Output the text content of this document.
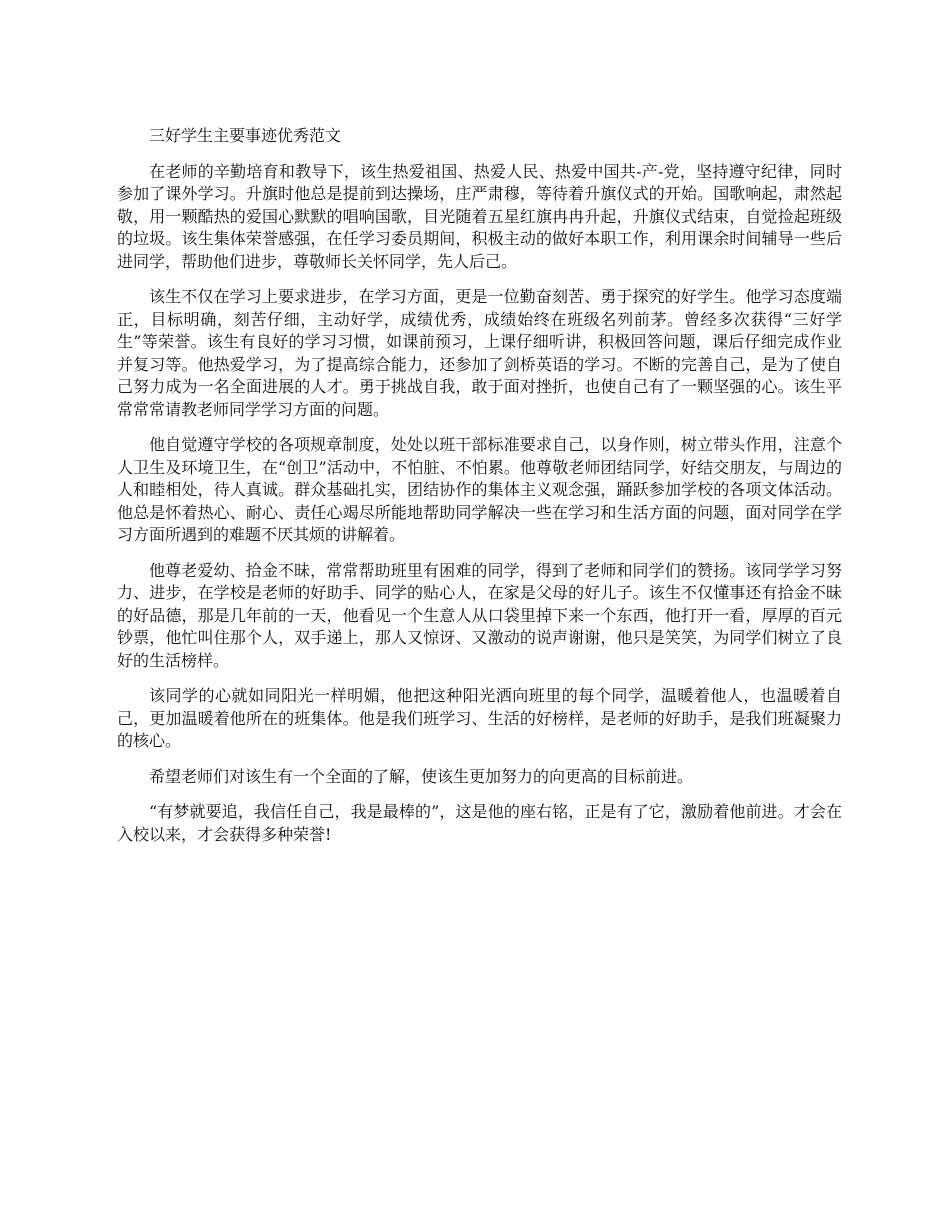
三好学生主要事迹优秀范文

在老师的辛勤培育和教导下，该生热爱祖国、热爱人民、热爱中国共-产-党，坚持遵守纪律，同时参加了课外学习。升旗时他总是提前到达操场，庄严肃穆，等待着升旗仪式的开始。国歌响起，肃然起敬，用一颗酷热的爱国心默默的唱响国歌，目光随着五星红旗冉冉升起，升旗仪式结束，自觉捡起班级的垃圾。该生集体荣誉感强，在任学习委员期间，积极主动的做好本职工作，利用课余时间辅导一些后进同学，帮助他们进步，尊敬师长关怀同学，先人后己。

该生不仅在学习上要求进步，在学习方面，更是一位勤奋刻苦、勇于探究的好学生。他学习态度端正，目标明确，刻苦仔细，主动好学，成绩优秀，成绩始终在班级名列前茅。曾经多次获得“三好学生”等荣誉。该生有良好的学习习惯，如课前预习，上课仔细听讲，积极回答问题，课后仔细完成作业并复习等。他热爱学习，为了提高综合能力，还参加了剑桥英语的学习。不断的完善自己，是为了使自己努力成为一名全面进展的人才。勇于挑战自我，敢于面对挫折，也使自己有了一颗坚强的心。该生平常常常请教老师同学学习方面的问题。

他自觉遵守学校的各项规章制度，处处以班干部标准要求自己，以身作则，树立带头作用，注意个人卫生及环境卫生，在“创卫”活动中，不怕脏、不怕累。他尊敬老师团结同学，好结交朋友，与周边的人和睦相处，待人真诚。群众基础扎实，团结协作的集体主义观念强，踊跃参加学校的各项文体活动。他总是怀着热心、耐心、责任心竭尽所能地帮助同学解决一些在学习和生活方面的问题，面对同学在学习方面所遇到的难题不厌其烦的讲解着。

他尊老爱幼、拾金不昧，常常帮助班里有困难的同学，得到了老师和同学们的赞扬。该同学学习努力、进步，在学校是老师的好助手、同学的贴心人，在家是父母的好儿子。该生不仅懂事还有拾金不昧的好品德，那是几年前的一天，他看见一个生意人从口袋里掉下来一个东西，他打开一看，厚厚的百元钞票，他忙叫住那个人，双手递上，那人又惊讶、又激动的说声谢谢，他只是笑笑，为同学们树立了良好的生活榜样。

该同学的心就如同阳光一样明媚，他把这种阳光洒向班里的每个同学，温暖着他人，也温暖着自己，更加温暖着他所在的班集体。他是我们班学习、生活的好榜样，是老师的好助手，是我们班凝聚力的核心。

希望老师们对该生有一个全面的了解，使该生更加努力的向更高的目标前进。

“有梦就要追，我信任自己，我是最棒的”，这是他的座右铭，正是有了它，激励着他前进。才会在入校以来，才会获得多种荣誉!
